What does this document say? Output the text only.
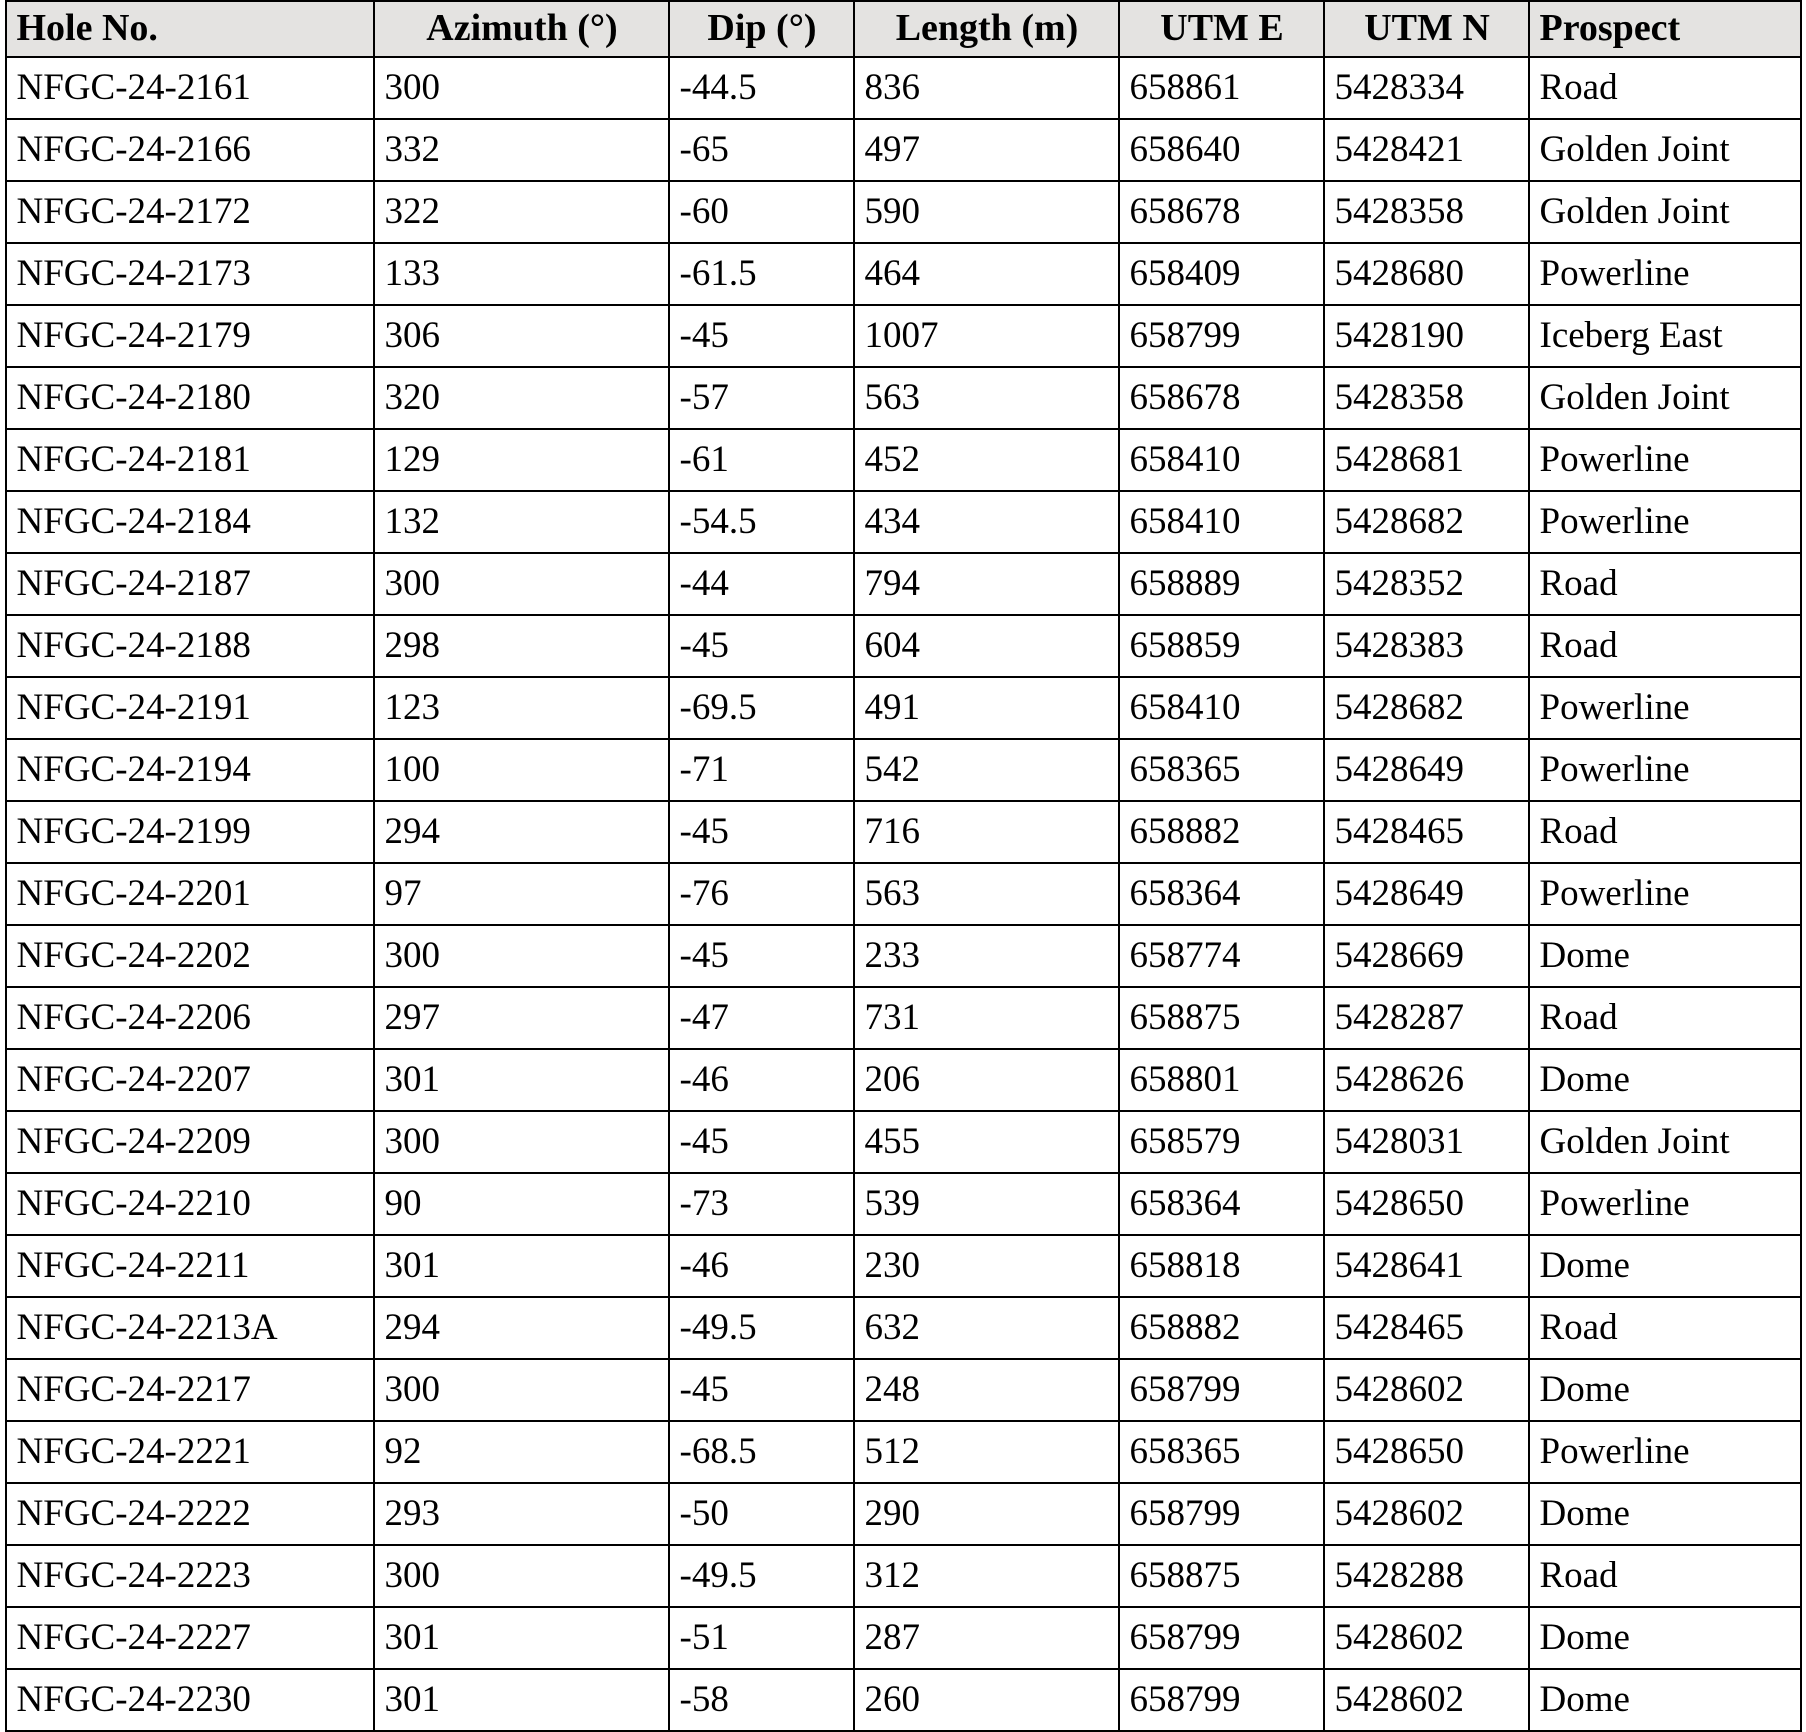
Hole No.	Azimuth (°)	Dip (°)	Length (m)	UTM E	UTM N	Prospect
NFGC-24-2161	300	-44.5	836	658861	5428334	Road
NFGC-24-2166	332	-65	497	658640	5428421	Golden Joint
NFGC-24-2172	322	-60	590	658678	5428358	Golden Joint
NFGC-24-2173	133	-61.5	464	658409	5428680	Powerline
NFGC-24-2179	306	-45	1007	658799	5428190	Iceberg East
NFGC-24-2180	320	-57	563	658678	5428358	Golden Joint
NFGC-24-2181	129	-61	452	658410	5428681	Powerline
NFGC-24-2184	132	-54.5	434	658410	5428682	Powerline
NFGC-24-2187	300	-44	794	658889	5428352	Road
NFGC-24-2188	298	-45	604	658859	5428383	Road
NFGC-24-2191	123	-69.5	491	658410	5428682	Powerline
NFGC-24-2194	100	-71	542	658365	5428649	Powerline
NFGC-24-2199	294	-45	716	658882	5428465	Road
NFGC-24-2201	97	-76	563	658364	5428649	Powerline
NFGC-24-2202	300	-45	233	658774	5428669	Dome
NFGC-24-2206	297	-47	731	658875	5428287	Road
NFGC-24-2207	301	-46	206	658801	5428626	Dome
NFGC-24-2209	300	-45	455	658579	5428031	Golden Joint
NFGC-24-2210	90	-73	539	658364	5428650	Powerline
NFGC-24-2211	301	-46	230	658818	5428641	Dome
NFGC-24-2213A	294	-49.5	632	658882	5428465	Road
NFGC-24-2217	300	-45	248	658799	5428602	Dome
NFGC-24-2221	92	-68.5	512	658365	5428650	Powerline
NFGC-24-2222	293	-50	290	658799	5428602	Dome
NFGC-24-2223	300	-49.5	312	658875	5428288	Road
NFGC-24-2227	301	-51	287	658799	5428602	Dome
NFGC-24-2230	301	-58	260	658799	5428602	Dome
